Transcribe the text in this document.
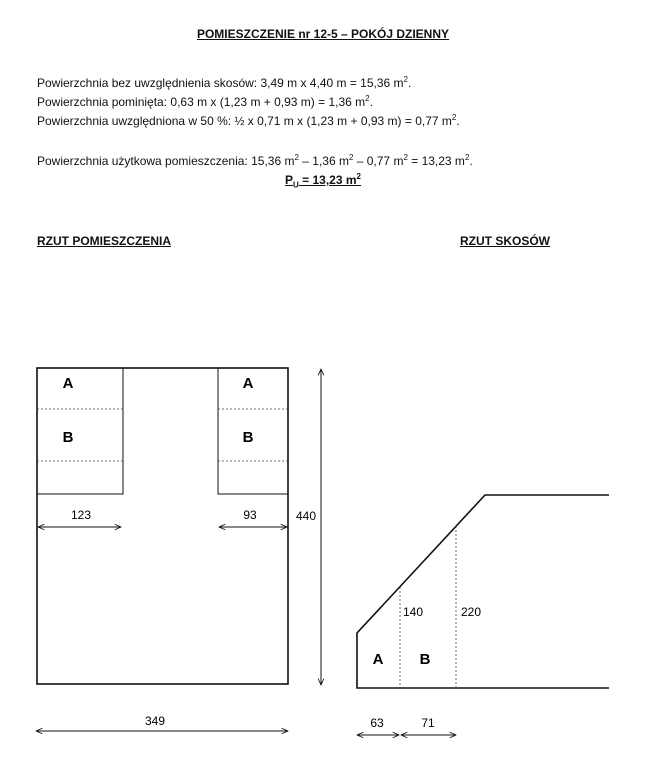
POMIESZCZENIE nr 12-5 – POKÓJ DZIENNY
Powierzchnia bez uwzględnienia skosów: 3,49 m x 4,40 m = 15,36 $m^2$.
Powierzchnia pominięta: 0,63 m x (1,23 m + 0,93 m) = 1,36 $m^2$.
Powierzchnia uwzględniona w 50 %: ½ x 0,71 m x (1,23 m + 0,93 m) = 0,77 $m^2$.
Powierzchnia użytkowa pomieszczenia: 15,36 $m^2 - 1,36$ $m^2 - 0,77$ $m^2 = 13,23$ $m^2$.
$P_U = 13,23$ $m^2$
RZUT POMIESZCZENIA	RZUT SKOSÓW
A
B
A
B
123	93	440
349
140	220
A B
63	71
